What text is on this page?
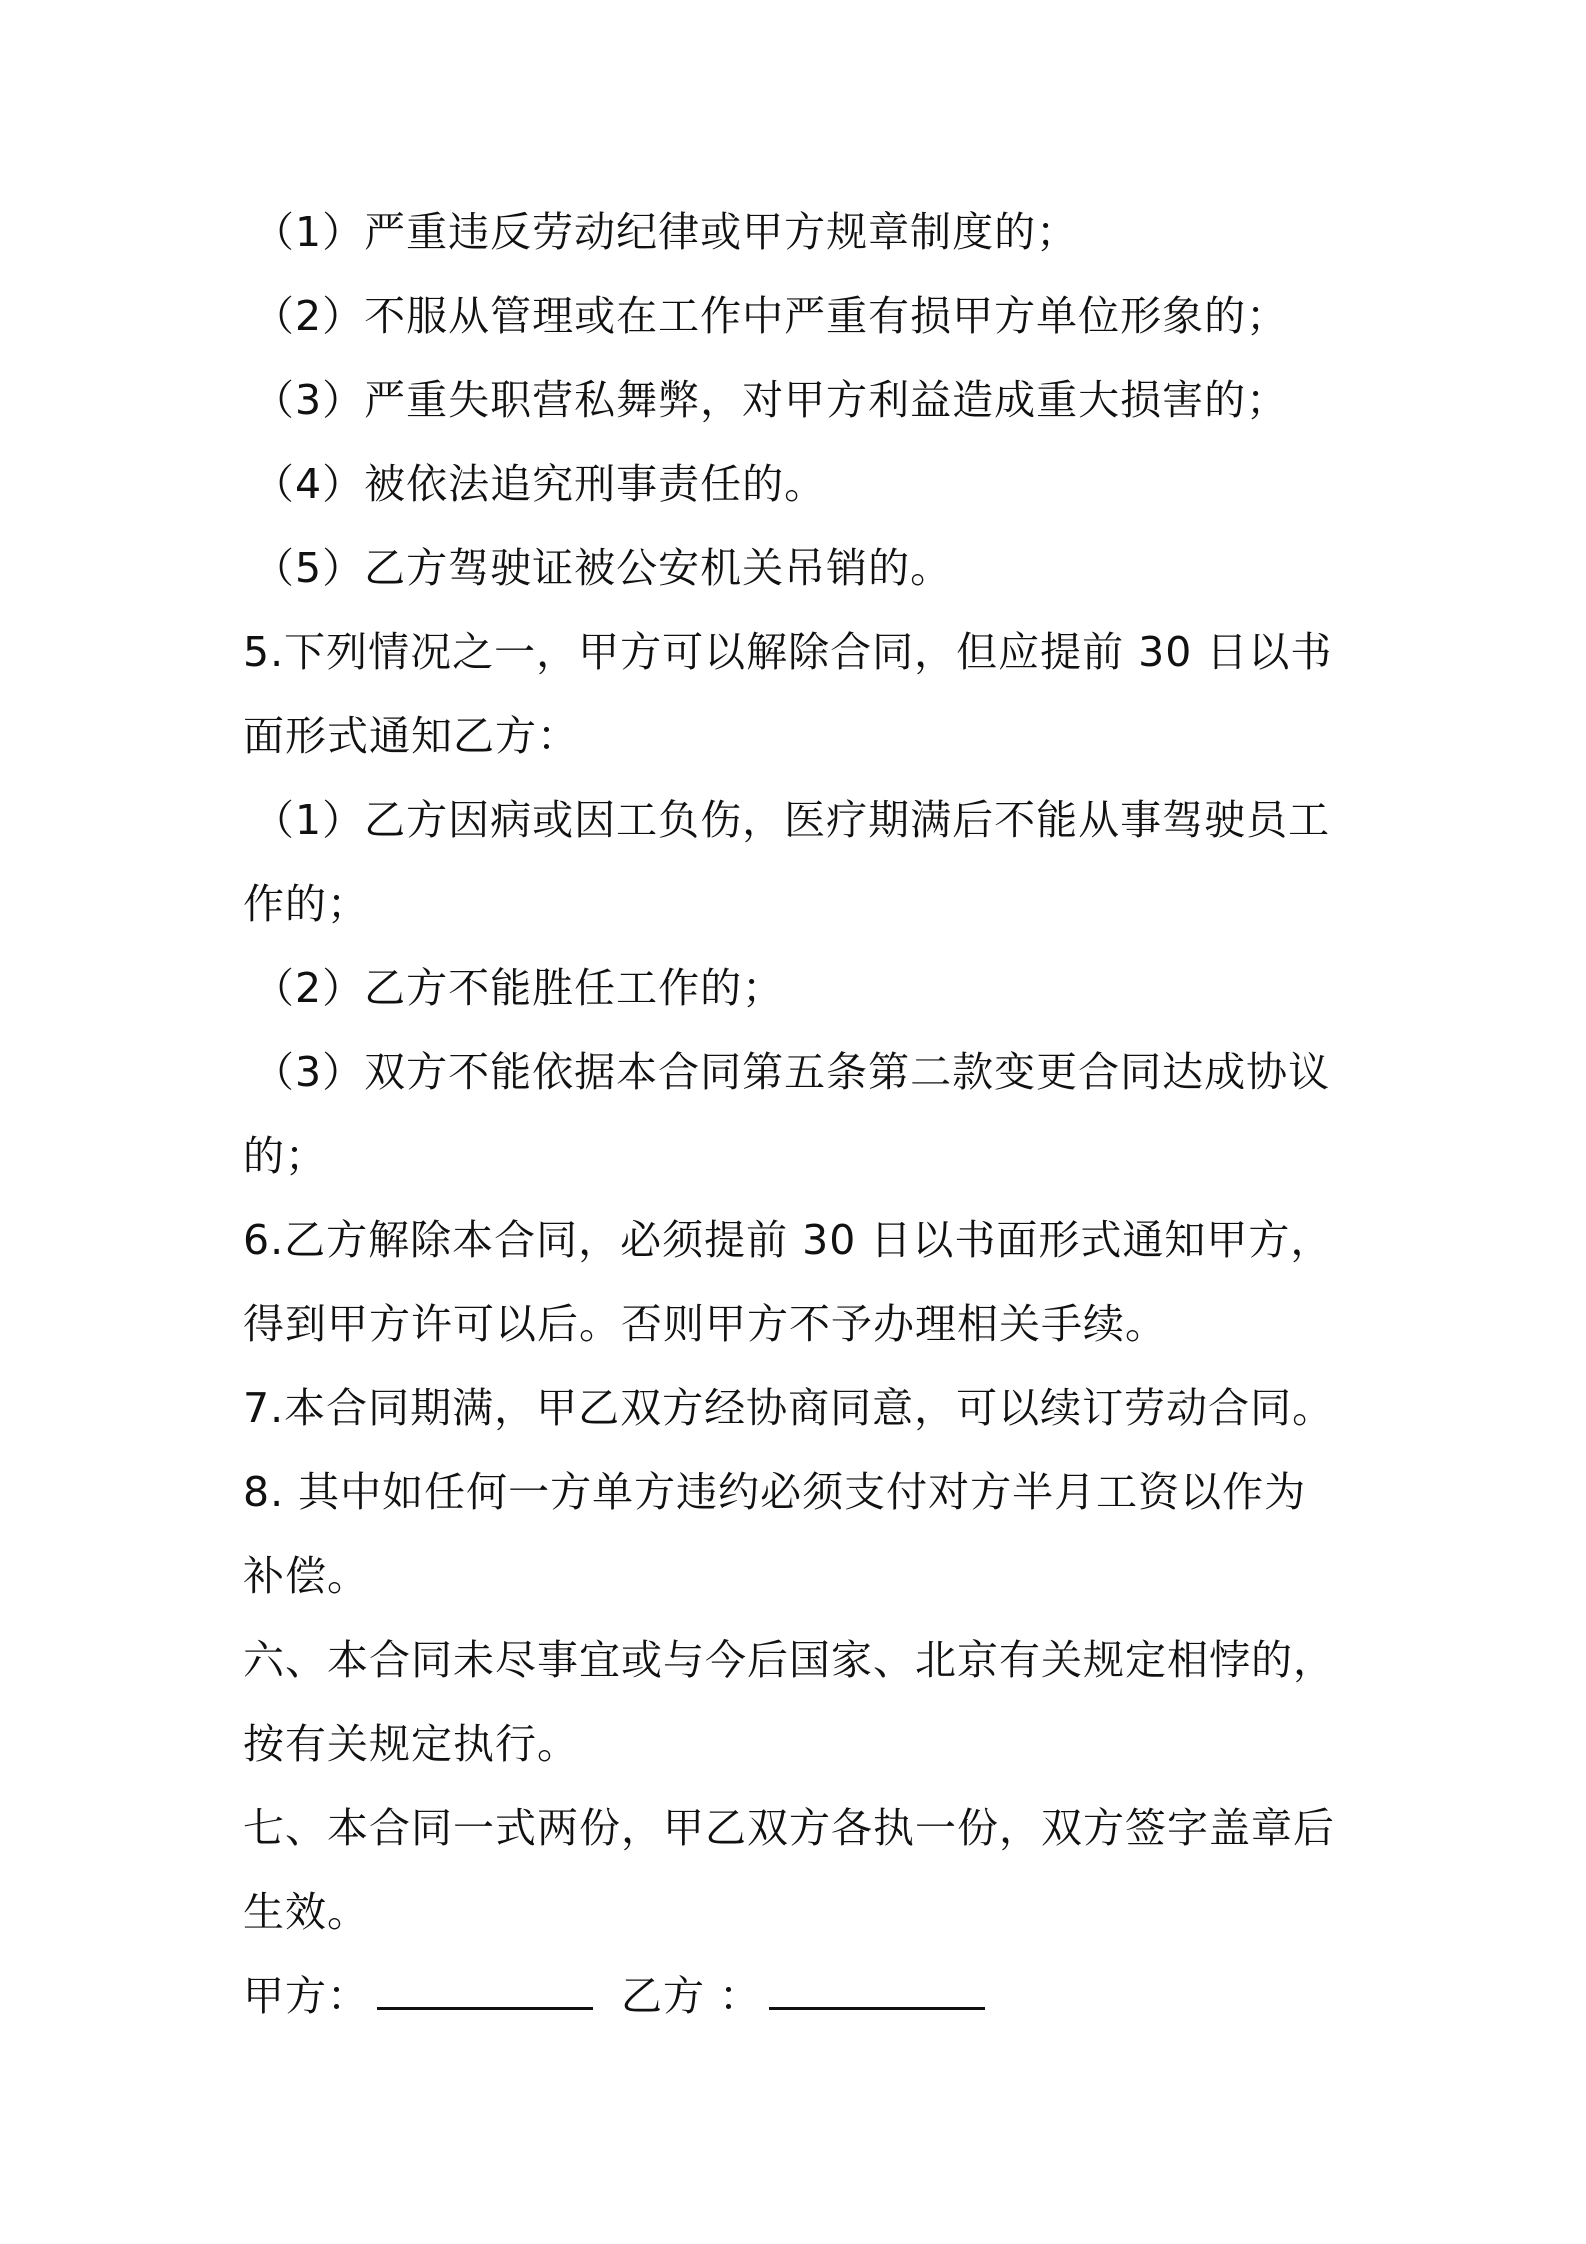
（1）严重违反劳动纪律或甲方规章制度的；
（2）不服从管理或在工作中严重有损甲方单位形象的；
（3）严重失职营私舞弊，对甲方利益造成重大损害的；
（4）被依法追究刑事责任的。
（5）乙方驾驶证被公安机关吊销的。
5.下列情况之一，甲方可以解除合同，但应提前 30 日以书
面形式通知乙方：
（1）乙方因病或因工负伤，医疗期满后不能从事驾驶员工
作的；
（2）乙方不能胜任工作的；
（3）双方不能依据本合同第五条第二款变更合同达成协议
的；
6.乙方解除本合同，必须提前 30 日以书面形式通知甲方，
得到甲方许可以后。否则甲方不予办理相关手续。
7.本合同期满，甲乙双方经协商同意，可以续订劳动合同。
8. 其中如任何一方单方违约必须支付对方半月工资以作为
补偿。
六、本合同未尽事宜或与今后国家、北京有关规定相悖的，
按有关规定执行。
七、本合同一式两份，甲乙双方各执一份，双方签字盖章后
生效。
甲方：	乙方 ：
